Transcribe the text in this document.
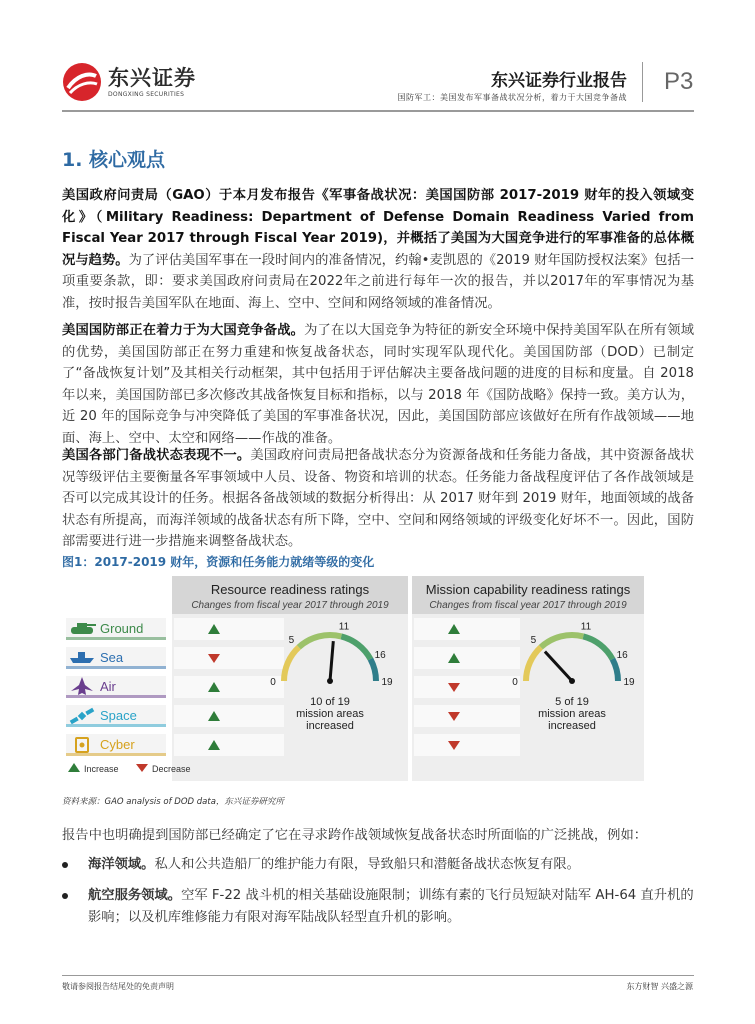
东兴证券
DONGXING SECURITIES
东兴证券行业报告
国防军工：美国发布军事备战状况分析，着力于大国竞争备战
P3
1. 核心观点
美国政府问责局（GAO）于本月发布报告《军事备战状况：美国国防部 2017-2019 财年的投入领域变化》（Military Readiness: Department of Defense Domain Readiness Varied from Fiscal Year 2017 through Fiscal Year 2019)，并概括了美国为大国竞争进行的军事准备的总体概况与趋势。为了评估美国军事在一段时间内的准备情况，约翰•麦凯恩的《2019 财年国防授权法案》包括一项重要条款，即：要求美国政府问责局在2022年之前进行每年一次的报告，并以2017年的军事情况为基准，按时报告美国军队在地面、海上、空中、空间和网络领域的准备情况。
美国国防部正在着力于为大国竞争备战。为了在以大国竞争为特征的新安全环境中保持美国军队在所有领域的优势，美国国防部正在努力重建和恢复战备状态，同时实现军队现代化。美国国防部（DOD）已制定了“备战恢复计划”及其相关行动框架，其中包括用于评估解决主要备战问题的进度的目标和度量。自 2018 年以来，美国国防部已多次修改其战备恢复目标和指标，以与 2018 年《国防战略》保持一致。美方认为，近 20 年的国际竞争与冲突降低了美国的军事准备状况，因此，美国国防部应该做好在所有作战领域——地面、海上、空中、太空和网络——作战的准备。
美国各部门备战状态表现不一。美国政府问责局把备战状态分为资源备战和任务能力备战，其中资源备战状况等级评估主要衡量各军事领域中人员、设备、物资和培训的状态。任务能力备战程度评估了各作战领域是否可以完成其设计的任务。根据各备战领域的数据分析得出：从 2017 财年到 2019 财年，地面领域的战备状态有所提高，而海洋领域的战备状态有所下降，空中、空间和网络领域的评级变化好坏不一。因此，国防部需要进行进一步措施来调整备战状态。
图1：2017-2019 财年，资源和任务能力就绪等级的变化
Resource readiness ratings
Changes from fiscal year 2017 through 2019
Mission capability readiness ratings
Changes from fiscal year 2017 through 2019
Ground
Sea
Air
Space
Cyber
0
5
11
16
19
10 of 19
mission areas
increased
0
5
11
16
19
5 of 19
mission areas
increased
Increase	Decrease
资料来源：GAO analysis of DOD data，东兴证券研究所
报告中也明确提到国防部已经确定了它在寻求跨作战领域恢复战备状态时所面临的广泛挑战，例如：
海洋领域。私人和公共造船厂的维护能力有限，导致船只和潜艇备战状态恢复有限。
航空服务领域。空军 F-22 战斗机的相关基础设施限制；训练有素的飞行员短缺对陆军 AH-64 直升机的影响；以及机库维修能力有限对海军陆战队轻型直升机的影响。
敬请参阅报告结尾处的免责声明	东方财智 兴盛之源
